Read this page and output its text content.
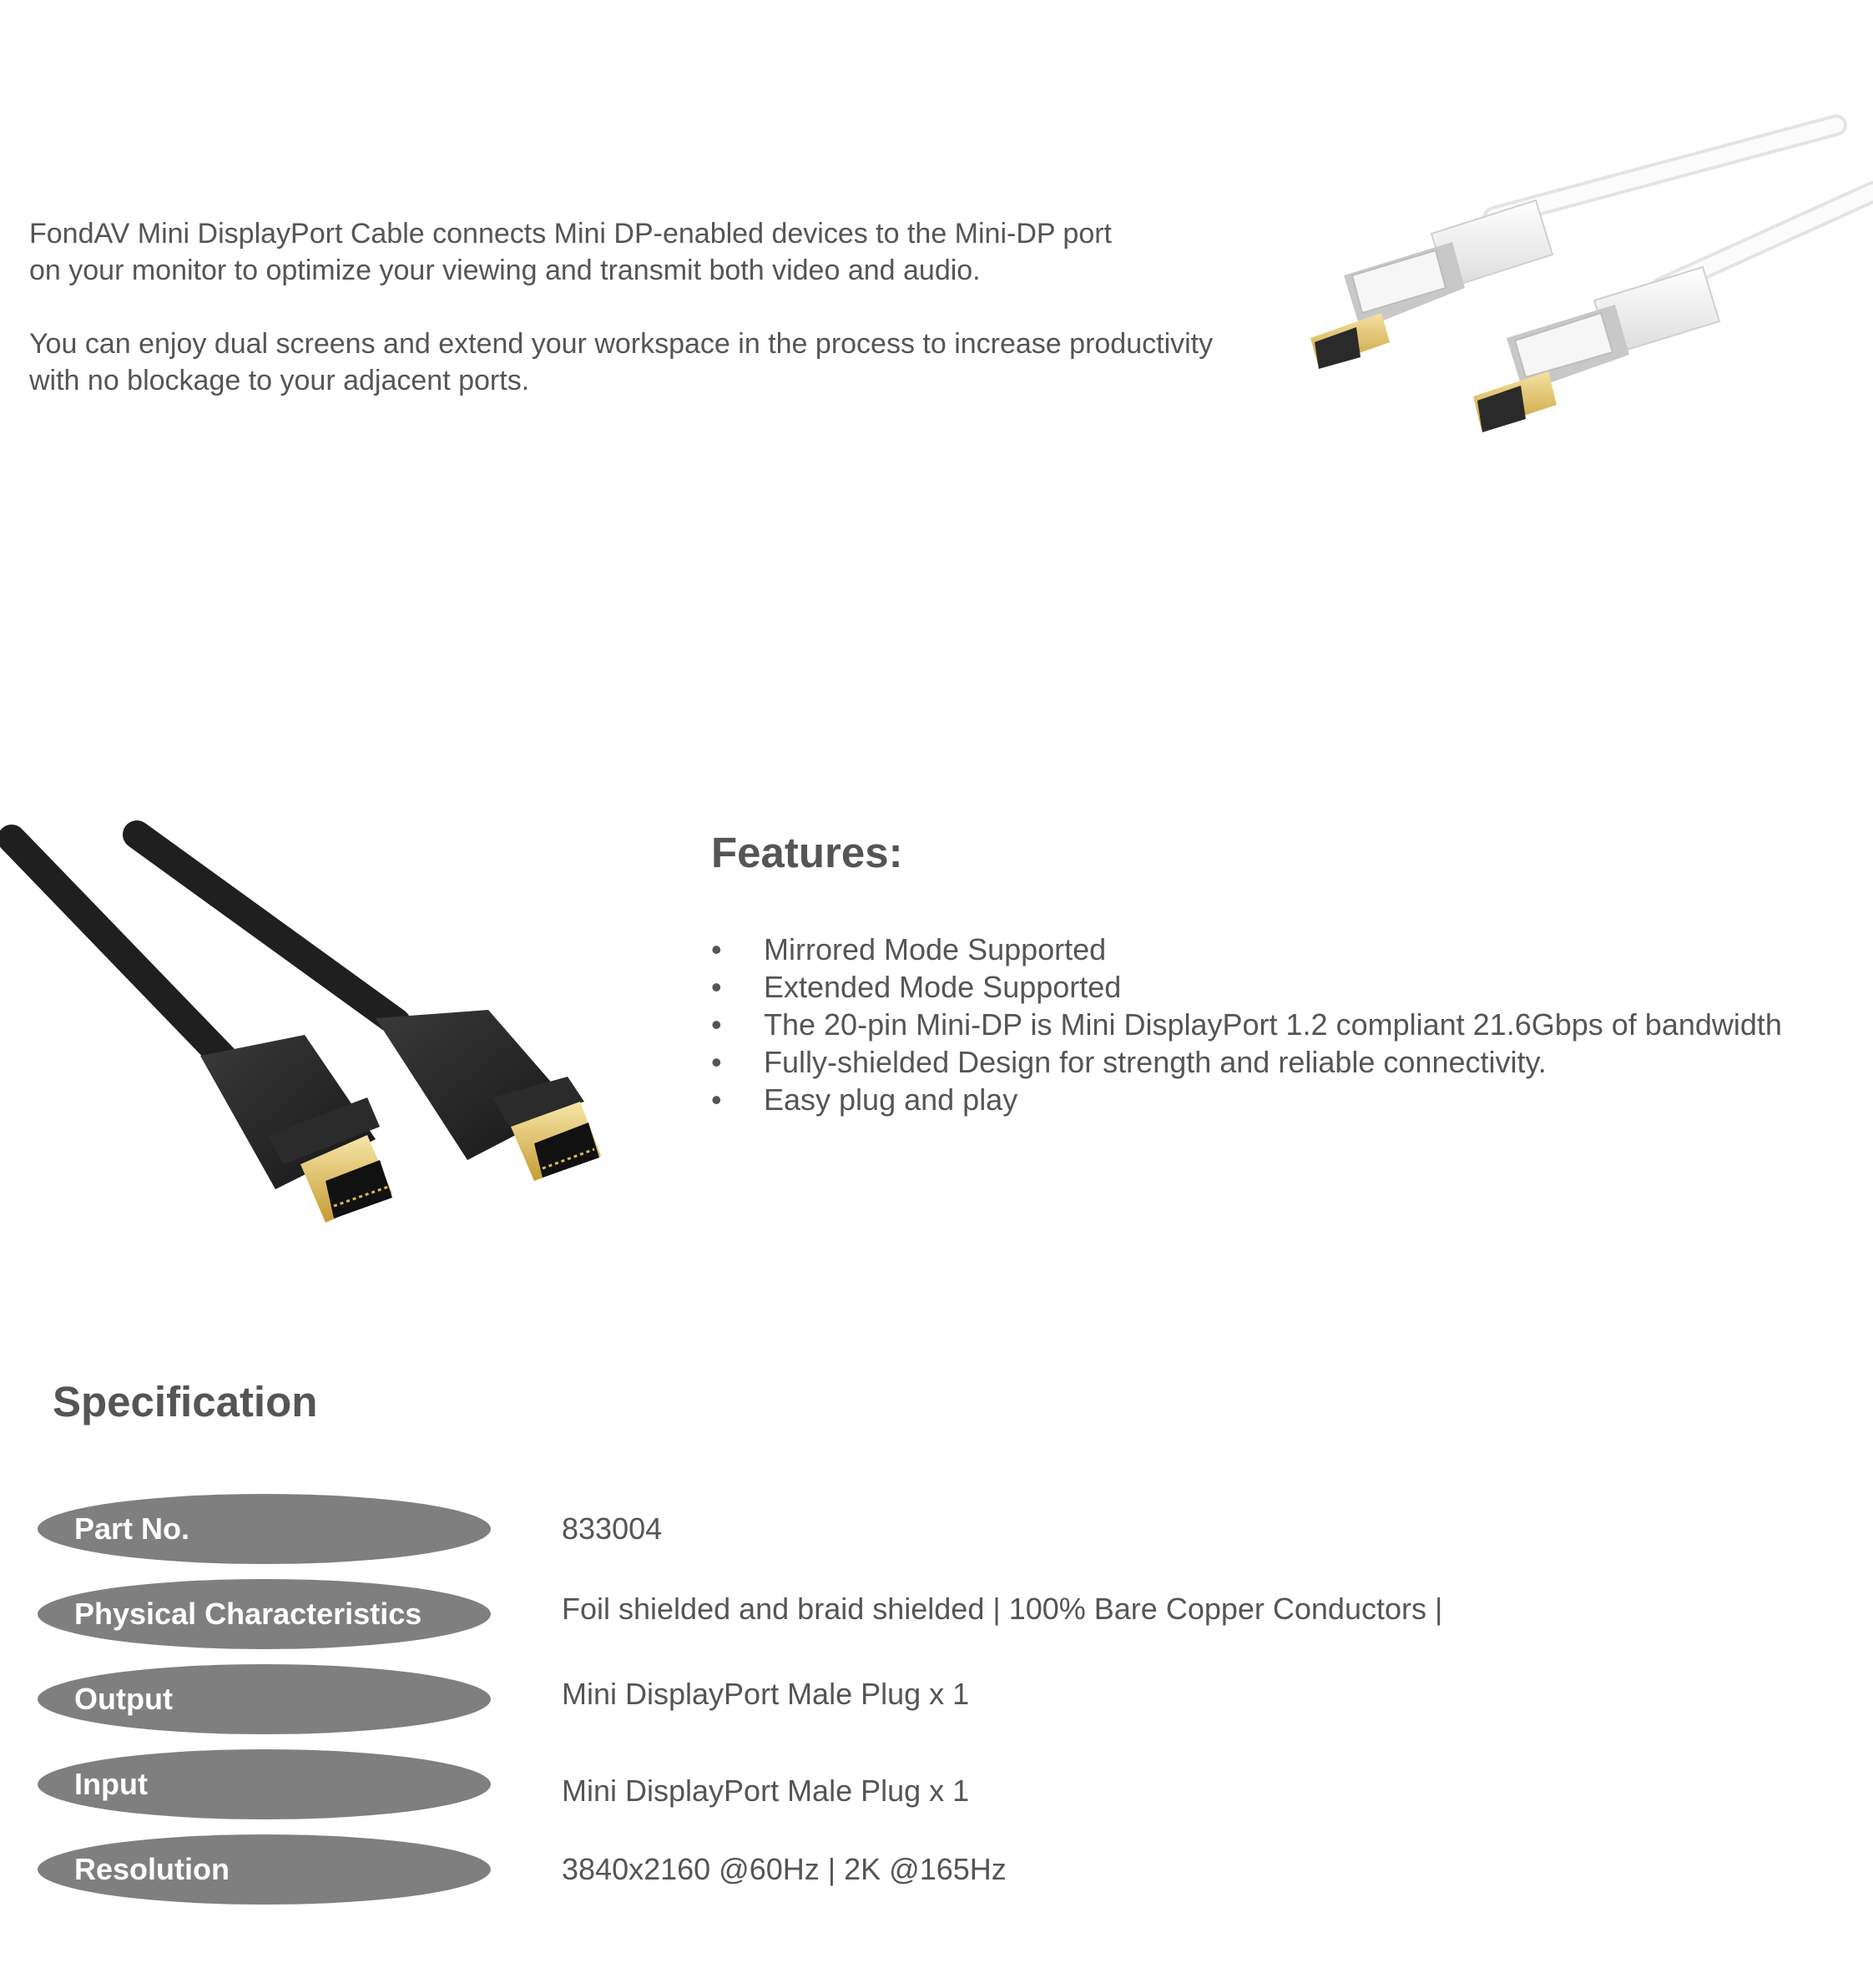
FondAV Mini DisplayPort Cable connects Mini DP-enabled devices to the Mini-DP port
on your monitor to optimize your viewing and transmit both video and audio.

You can enjoy dual screens and extend your workspace in the process to increase productivity
with no blockage to your adjacent ports.

Features:
• Mirrored Mode Supported
• Extended Mode Supported
• The 20-pin Mini-DP is Mini DisplayPort 1.2 compliant 21.6Gbps of bandwidth
• Fully-shielded Design for strength and reliable connectivity.
• Easy plug and play
Specification
Part No.	833004
Physical Characteristics	Foil shielded and braid shielded | 100% Bare Copper Conductors |
Output	Mini DisplayPort Male Plug x 1
Input	Mini DisplayPort Male Plug x 1
Resolution	3840x2160 @60Hz | 2K @165Hz
